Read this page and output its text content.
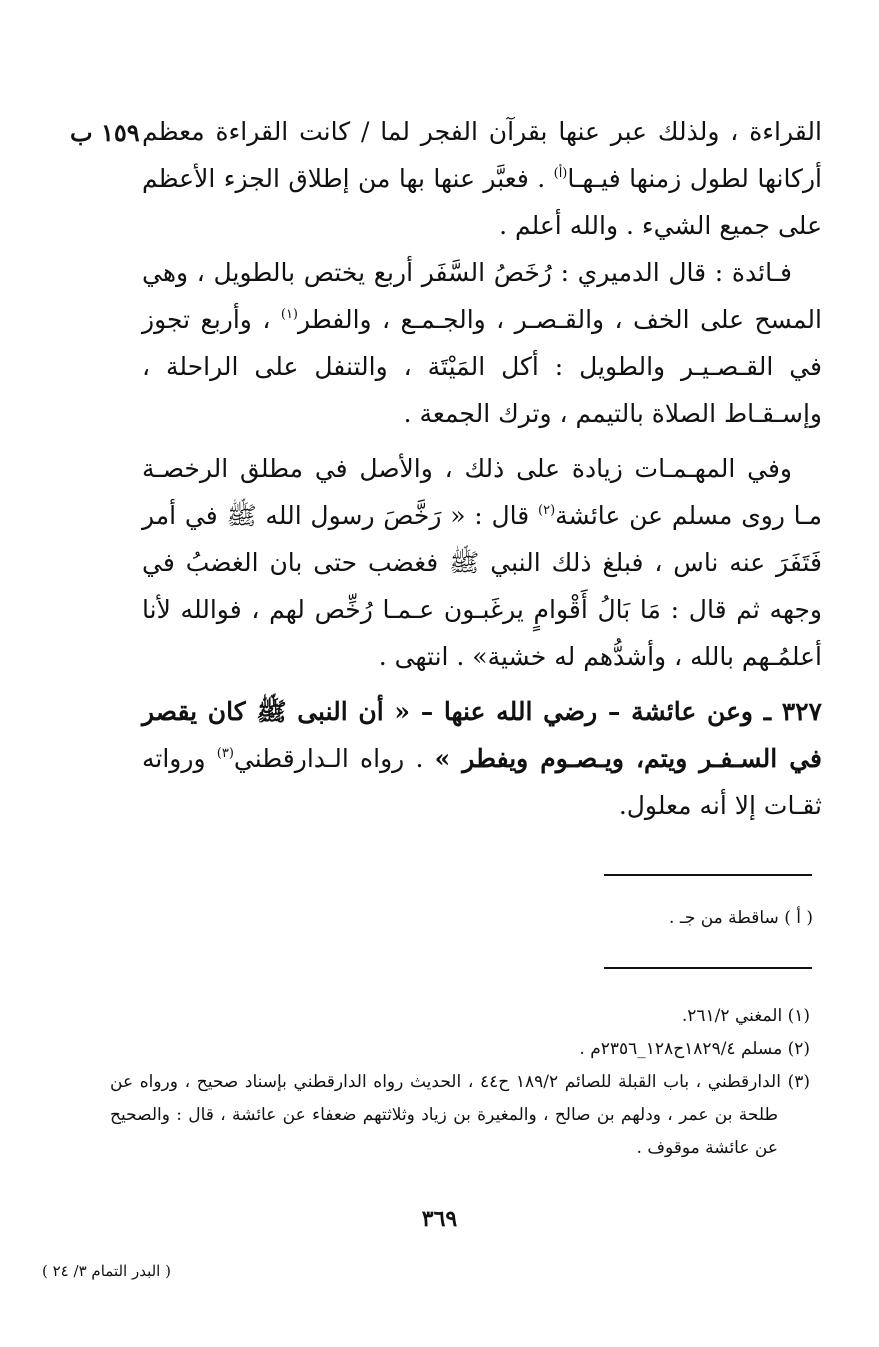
١٥٩ ب القراءة ، ولذلك عبر عنها بقرآن الفجر لما / كانت القراءة معظم أركانها لطول زمنها فيـهـا$^{(أ)}$ . فعبَّر عنها بها من إطلاق الجزء الأعظم على جميع الشيء . والله أعلم .

فـائدة : قال الدميري : رُخَصُ السَّفَر أربع يختص بالطويل ، وهي المسح على الخف ، والقـصـر ، والجـمـع ، والفطر$^{(١)}$ ، وأربع تجوز في القـصـيـر والطويل : أكل المَيْتَة ، والتنفل على الراحلة ، وإسـقـاط الصلاة بالتيمم ، وترك الجمعة .

وفي المهـمـات زيادة على ذلك ، والأصل في مطلق الرخصـة مـا روى مسلم عن عائشة$^{(٢)}$ قال : « رَخَّصَ رسول الله ﷺ في أمر فَتَفَرَ عنه ناس ، فبلغ ذلك النبي ﷺ فغضب حتى بان الغضبُ في وجهه ثم قال : مَا بَالُ أَقْوامٍ يرغَبـون عـمـا رُخِّص لهم ، فوالله لأنا أعلمُـهم بالله ، وأشدُّهم له خشية» . انتهى .

٣٢٧ ـ وعن عائشة – رضي الله عنها – « أن النبى ﷺ كان يقصر في السـفـر ويتم، ويـصـوم ويفطر » . رواه الـدارقطني$^{(٣)}$ ورواته ثقـات إلا أنه معلول.

( أ ) ساقطة من جـ .

(١) المغني ٢٦١/٢.

(٢) مسلم ١٨٢٩/٤ح١٢٨_٢٣٥٦م .

(٣) الدارقطني ، باب القبلة للصائم ١٨٩/٢ ح٤٤ ، الحديث رواه الدارقطني بإسناد صحيح ، ورواه عن طلحة بن عمر ، ودلهم بن صالح ، والمغيرة بن زياد وثلاثتهم ضعفاء عن عائشة ، قال : والصحيح عن عائشة موقوف .

٣٦٩
( البدر التمام ٣/ ٢٤ )
